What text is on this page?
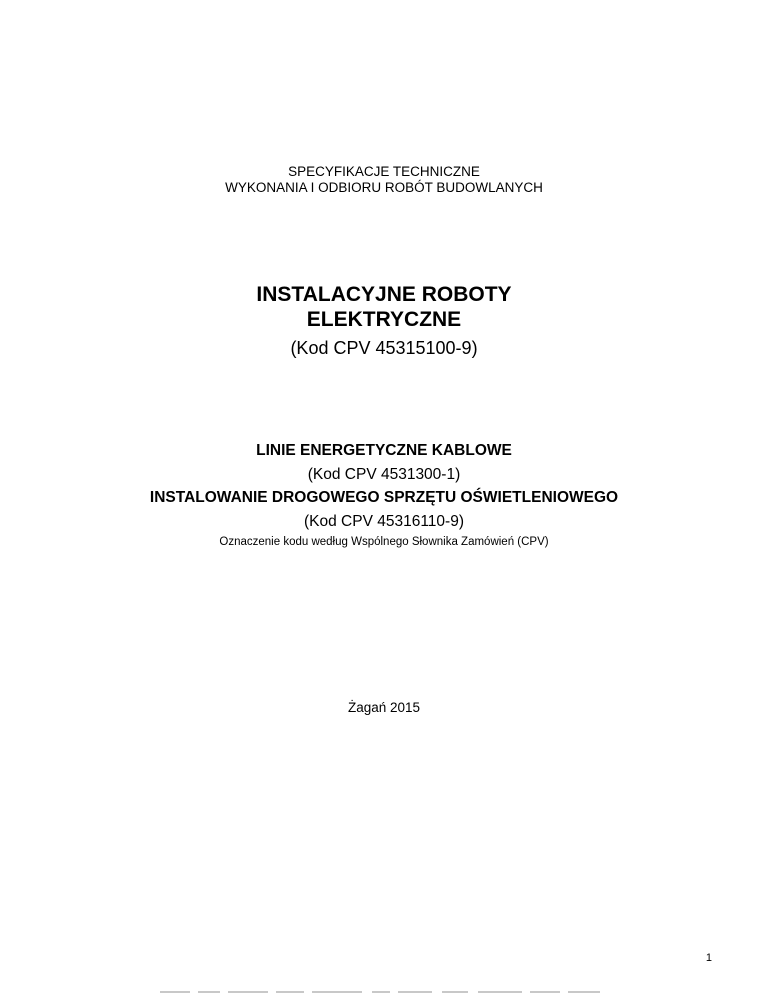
SPECYFIKACJE TECHNICZNE
WYKONANIA I ODBIORU ROBÓT BUDOWLANYCH
INSTALACYJNE ROBOTY
ELEKTRYCZNE
(Kod CPV 45315100-9)
LINIE ENERGETYCZNE KABLOWE
(Kod CPV 4531300-1)
INSTALOWANIE DROGOWEGO SPRZĘTU OŚWIETLENIOWEGO
(Kod CPV 45316110-9)
Oznaczenie kodu według Wspólnego Słownika Zamówień (CPV)
Żagań 2015
1
